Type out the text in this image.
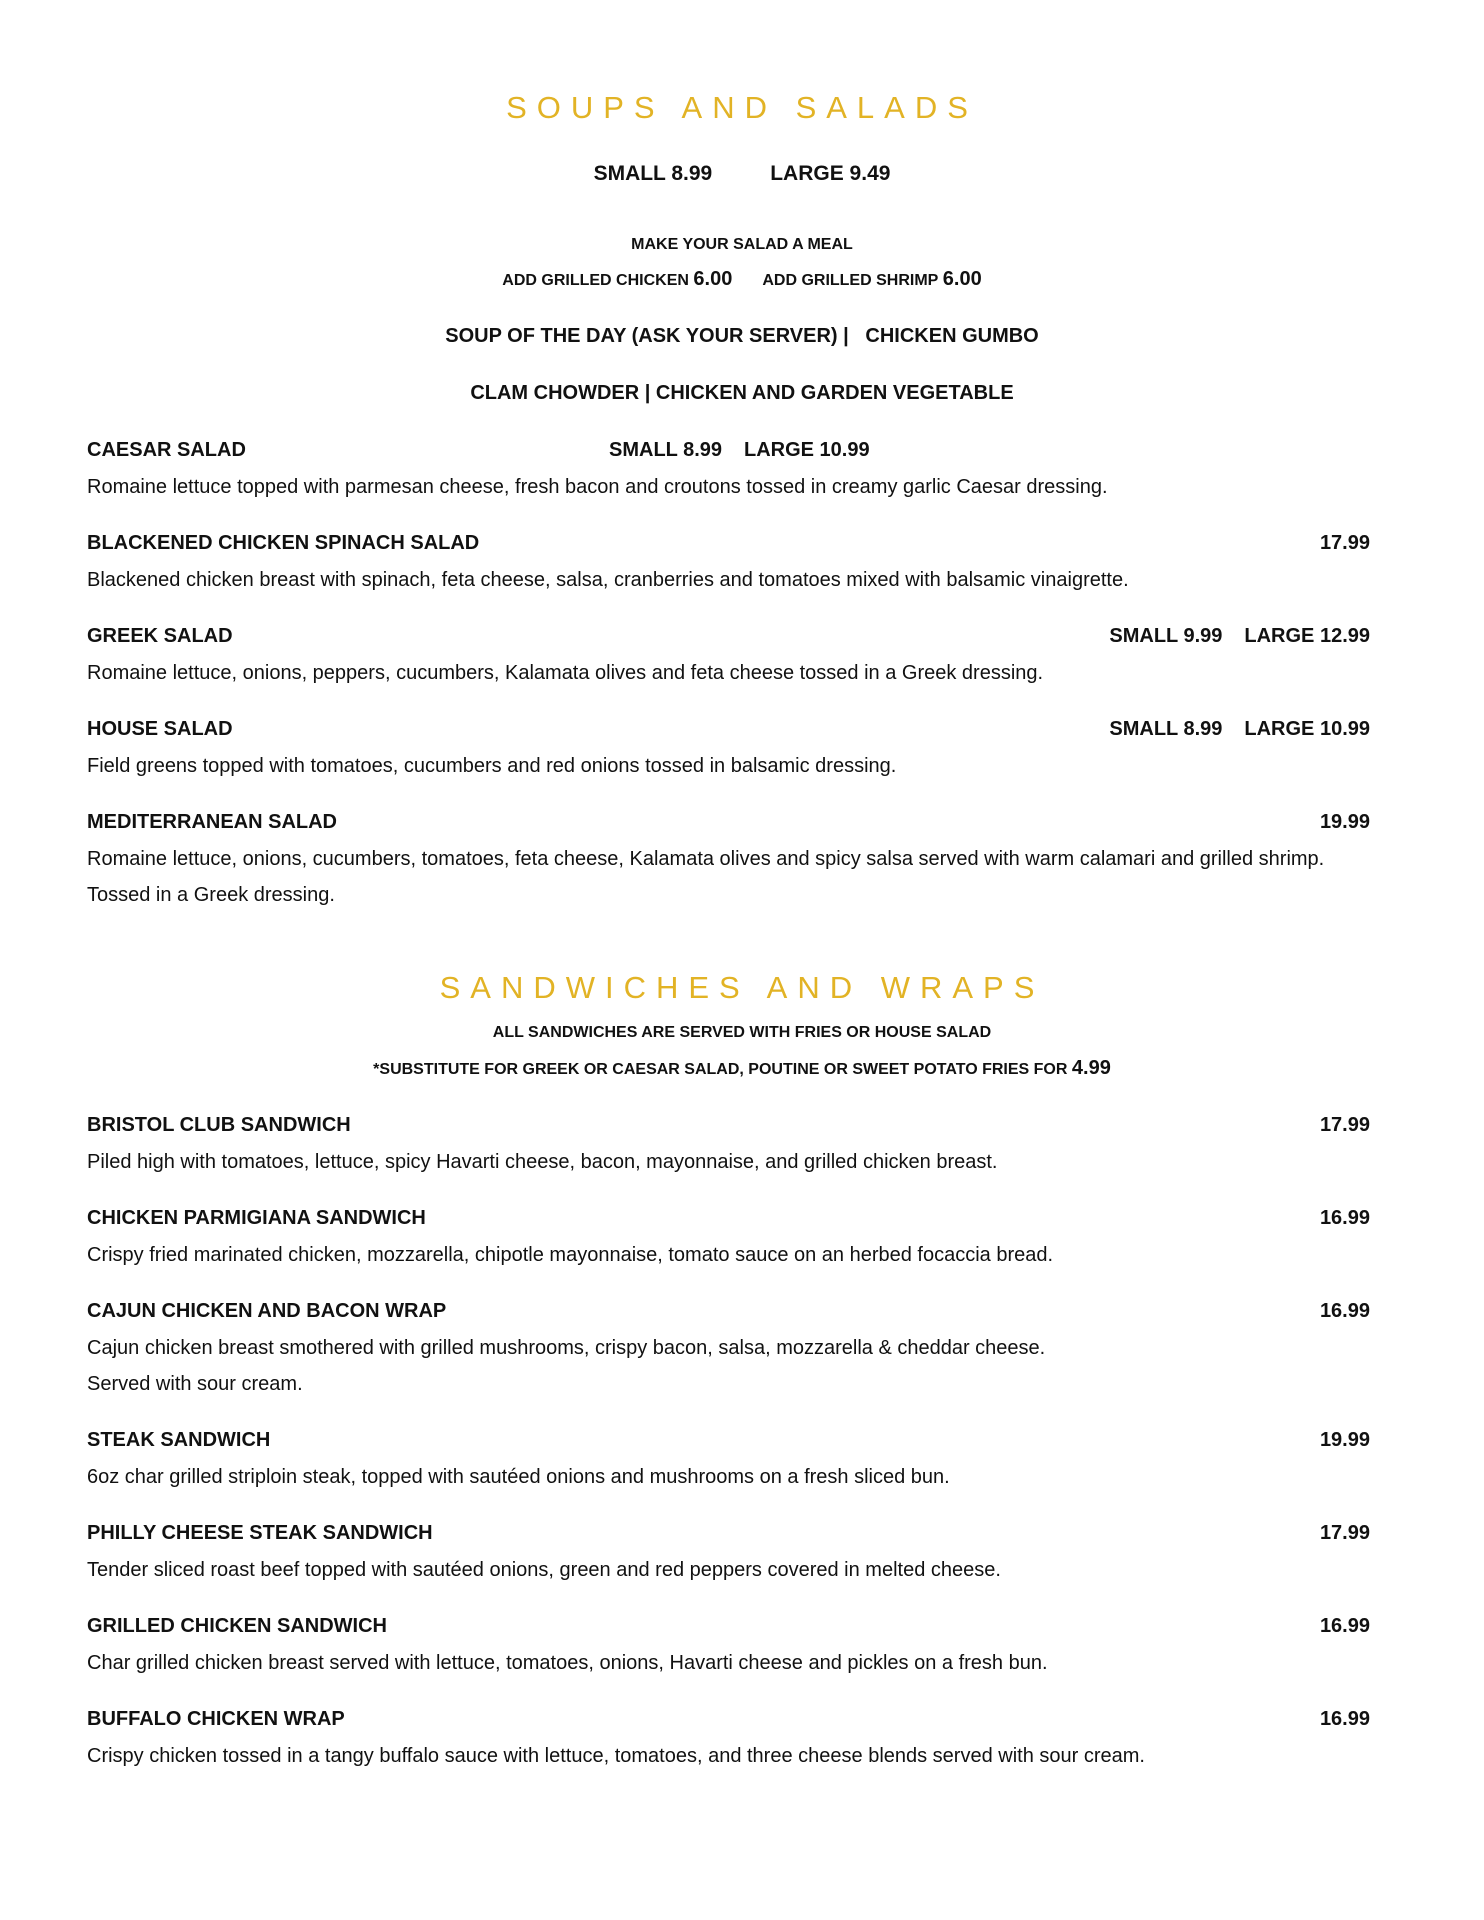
SOUPS AND SALADS
SMALL 8.99	LARGE 9.49
MAKE YOUR SALAD A MEAL
ADD GRILLED CHICKEN 6.00 ADD GRILLED SHRIMP 6.00
SOUP OF THE DAY (ASK YOUR SERVER) |   CHICKEN GUMBO
CLAM CHOWDER | CHICKEN AND GARDEN VEGETABLE
CAESAR SALAD	SMALL 8.99 LARGE 10.99
Romaine lettuce topped with parmesan cheese, fresh bacon and croutons tossed in creamy garlic Caesar dressing.
BLACKENED CHICKEN SPINACH SALAD	17.99
Blackened chicken breast with spinach, feta cheese, salsa, cranberries and tomatoes mixed with balsamic vinaigrette.
GREEK SALAD	SMALL 9.99 LARGE 12.99
Romaine lettuce, onions, peppers, cucumbers, Kalamata olives and feta cheese tossed in a Greek dressing.
HOUSE SALAD	SMALL 8.99 LARGE 10.99
Field greens topped with tomatoes, cucumbers and red onions tossed in balsamic dressing.
MEDITERRANEAN SALAD	19.99
Romaine lettuce, onions, cucumbers, tomatoes, feta cheese, Kalamata olives and spicy salsa served with warm calamari and grilled shrimp. Tossed in a Greek dressing.
SANDWICHES AND WRAPS
ALL SANDWICHES ARE SERVED WITH FRIES OR HOUSE SALAD
*SUBSTITUTE FOR GREEK OR CAESAR SALAD, POUTINE OR SWEET POTATO FRIES FOR 4.99
BRISTOL CLUB SANDWICH	17.99
Piled high with tomatoes, lettuce, spicy Havarti cheese, bacon, mayonnaise, and grilled chicken breast.
CHICKEN PARMIGIANA SANDWICH	16.99
Crispy fried marinated chicken, mozzarella, chipotle mayonnaise, tomato sauce on an herbed focaccia bread.
CAJUN CHICKEN AND BACON WRAP	16.99
Cajun chicken breast smothered with grilled mushrooms, crispy bacon, salsa, mozzarella & cheddar cheese.
Served with sour cream.
STEAK SANDWICH	19.99
6oz char grilled striploin steak, topped with sautéed onions and mushrooms on a fresh sliced bun.
PHILLY CHEESE STEAK SANDWICH	17.99
Tender sliced roast beef topped with sautéed onions, green and red peppers covered in melted cheese.
GRILLED CHICKEN SANDWICH	16.99
Char grilled chicken breast served with lettuce, tomatoes, onions, Havarti cheese and pickles on a fresh bun.
BUFFALO CHICKEN WRAP	16.99
Crispy chicken tossed in a tangy buffalo sauce with lettuce, tomatoes, and three cheese blends served with sour cream.
